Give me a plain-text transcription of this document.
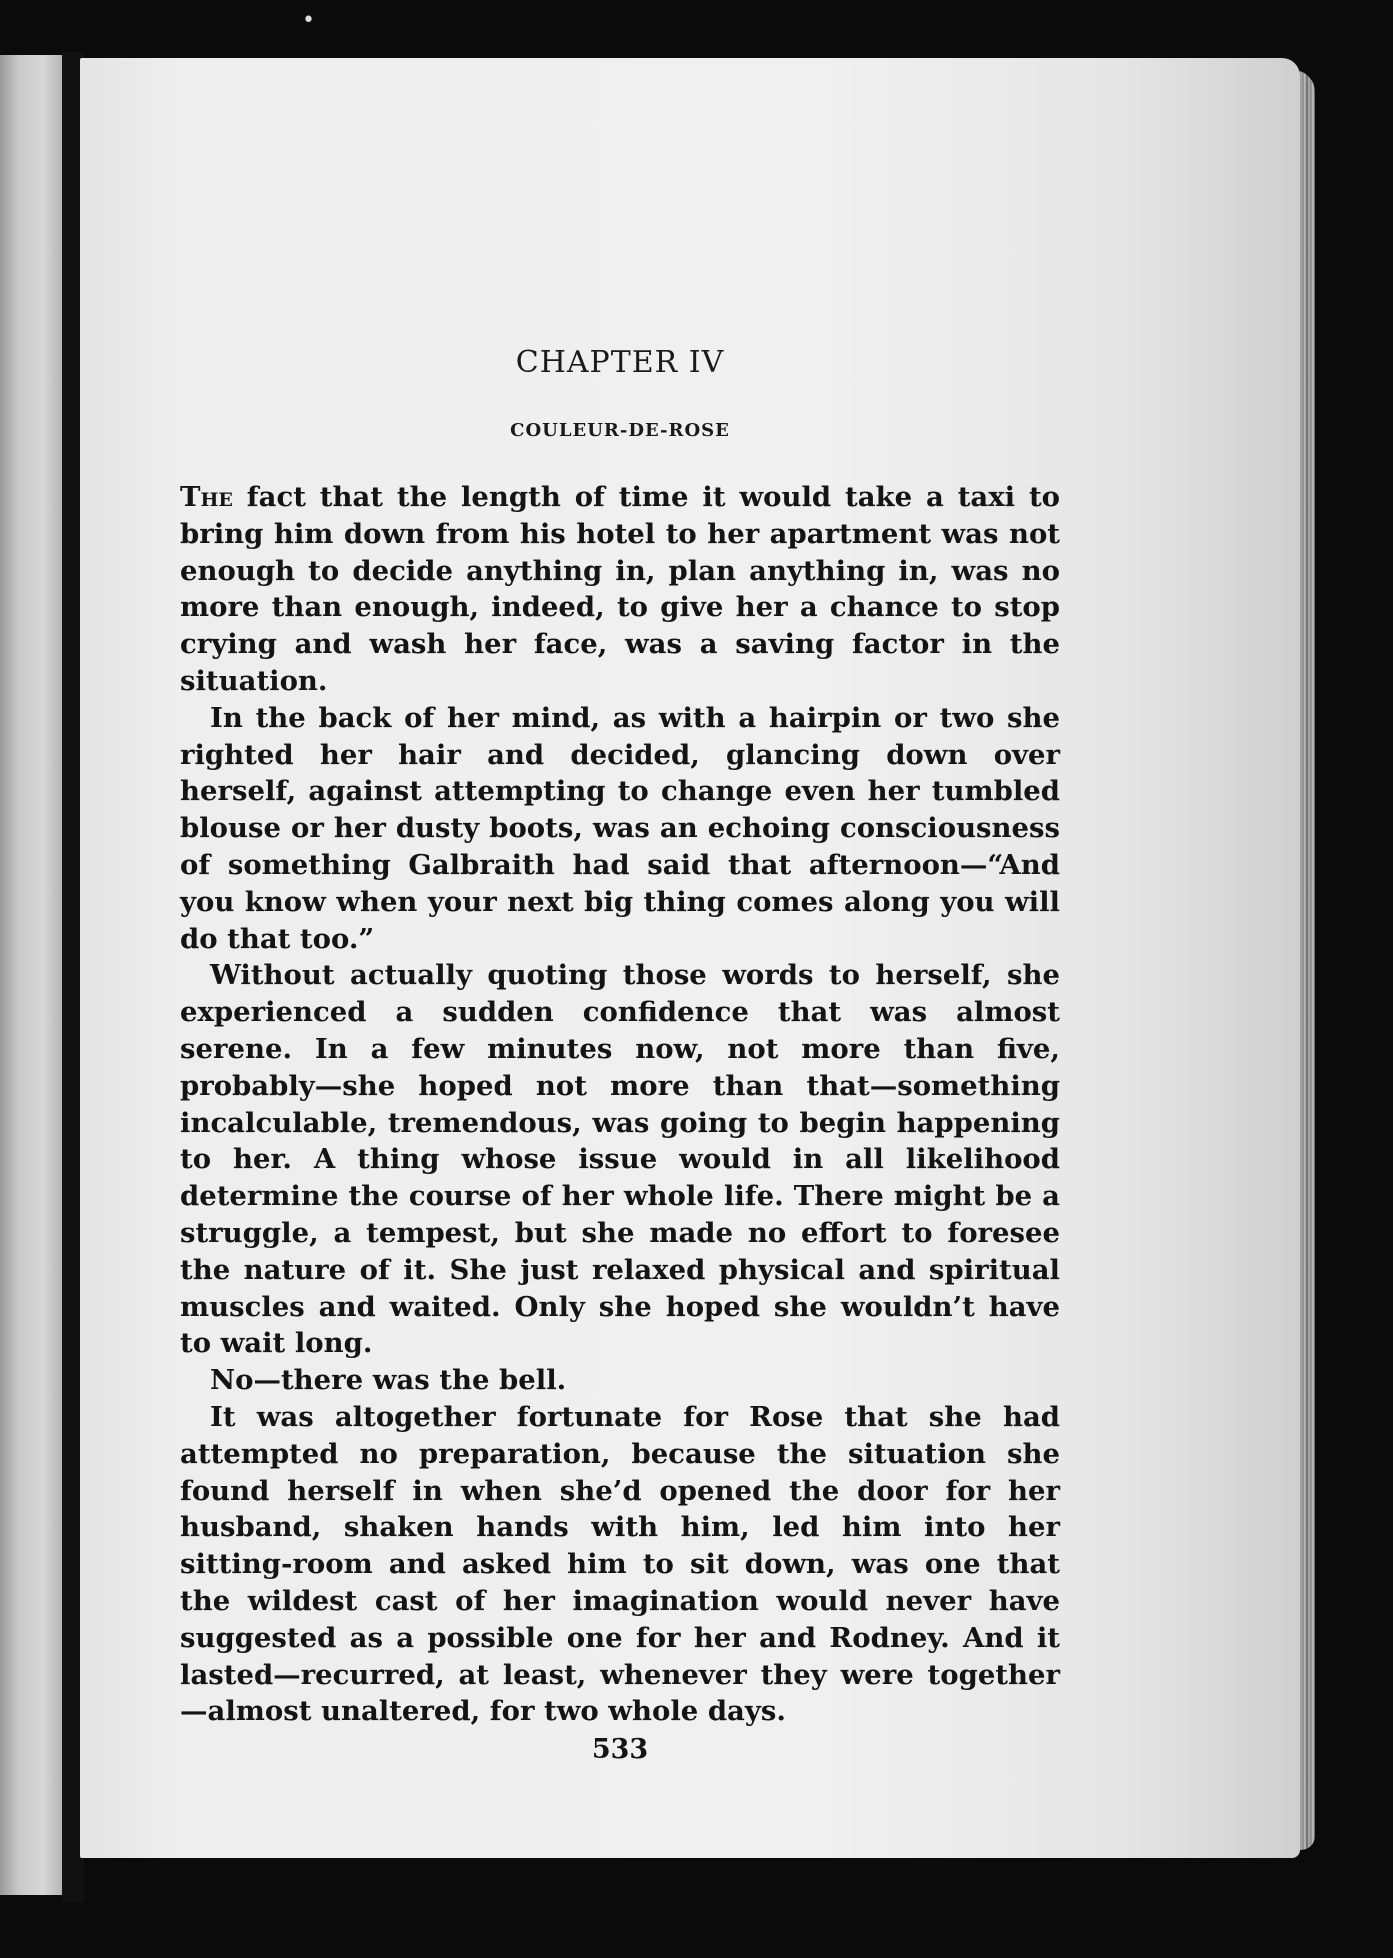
•
CHAPTER IV
COULEUR-DE-ROSE

The fact that the length of time it would take a taxi to bring him down from his hotel to her apartment was not enough to decide anything in, plan anything in, was no more than enough, indeed, to give her a chance to stop crying and wash her face, was a saving factor in the situation.

In the back of her mind, as with a hairpin or two she righted her hair and decided, glancing down over herself, against attempting to change even her tumbled blouse or her dusty boots, was an echoing consciousness of something Galbraith had said that afternoon—“And you know when your next big thing comes along you will do that too.”

Without actually quoting those words to herself, she experienced a sudden confidence that was almost serene. In a few minutes now, not more than five, probably—she hoped not more than that—something incalculable, tremendous, was going to begin happening to her. A thing whose issue would in all likelihood determine the course of her whole life. There might be a struggle, a tempest, but she made no effort to foresee the nature of it. She just relaxed physical and spiritual muscles and waited. Only she hoped she wouldn’t have to wait long.

No—there was the bell.

It was altogether fortunate for Rose that she had attempted no preparation, because the situation she found herself in when she’d opened the door for her husband, shaken hands with him, led him into her sitting-room and asked him to sit down, was one that the wildest cast of her imagination would never have suggested as a possible one for her and Rodney. And it lasted—recurred, at least, whenever they were together —almost unaltered, for two whole days.

533
